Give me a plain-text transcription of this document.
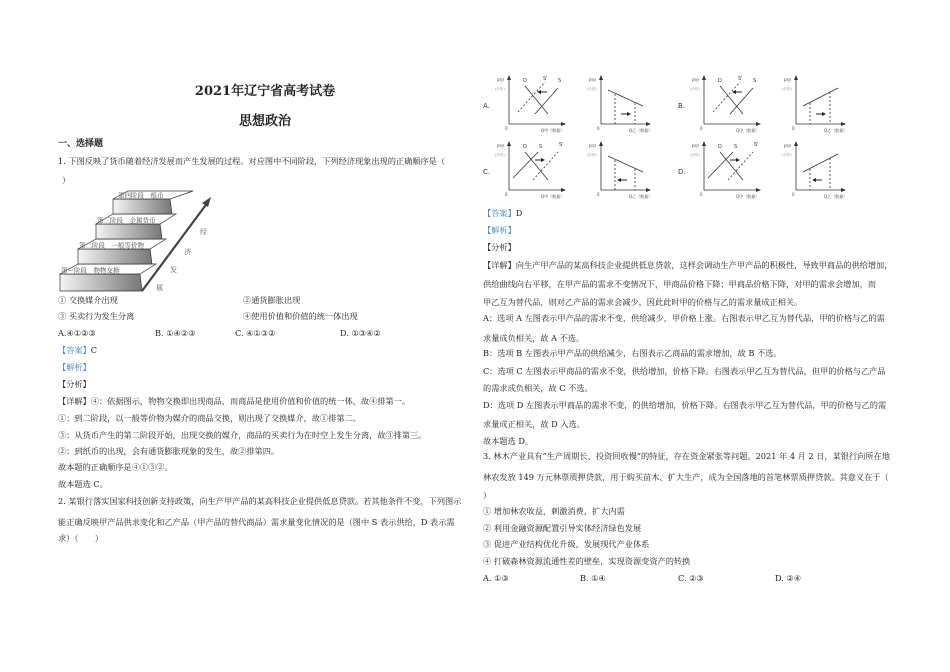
2021年辽宁省高考试卷
思想政治
一、选择题
1. 下图反映了货币随着经济发展而产生发展的过程。对应图中不同阶段，下列经济现象出现的正确顺序是（
）
第一阶段　物物交换
第二阶段　一般等价物
第三阶段　金属货币
第四阶段　纸币
经
济
发
展
① 交换媒介出现	②通货膨胀出现
③ 买卖行为发生分离	④使用价值和价值的统一体出现
A.④①②③	B. ①④②③	C. ④①③②	D. ①③④②
【答案】C
【解析】
【分析】
【详解】④：依据图示，物物交换即出现商品，而商品是使用价值和价值的统一体，故④排第一。
①：到二阶段，以一般等价物为媒介的商品交换，则出现了交换媒介，故①排第二。
③：从货币产生的第二阶段开始，出现交换的媒介，商品的买卖行为在时空上发生分离，故③排第三。
②：到纸币的出现，会有通货膨胀现象的发生，故②排第四。
故本题的正确顺序是④①③②。
故本题选 C。
2. 某银行落实国家科技创新支持政策，向生产甲产品的某高科技企业提供低息贷款。若其他条件不变，下列图示
能正确反映甲产品供求变化和乙产品（甲产品的替代商品）需求量变化情况的是（图中 S 表示供给，D 表示需
求）（　　）
A.
P甲	P甲
(价格)	(价格)
0	0
Q甲（数量）	Q乙（数量）
D	S
S'
B.
P甲	P甲
(价格)	(价格)
0	0
Q甲（数量）	Q乙（数量）
D	S
S'
C.
P甲	P甲
(价格)	(价格)
0	0
Q甲（数量）	Q乙（数量）
D S	S'
D.
P甲	P甲
(价格)	(价格)
0	0
Q甲（数量）	Q乙（数量）
D S	S'
【答案】D
【解析】
【分析】
【详解】向生产甲产品的某高科技企业提供低息贷款，这样会调动生产甲产品的积极性，导致甲商品的供给增加，
供给曲线向右平移，在甲产品的需求不变情况下，甲商品价格下降；甲商品价格下降，对甲的需求会增加，而
甲乙互为替代品，则对乙产品的需求会减少，因此此时甲的价格与乙的需求量成正相关。
A：选项 A 左图表示甲产品的需求不变，供给减少，甲价格上涨。右图表示甲乙互为替代品，甲的价格与乙的需
求量成负相关，故 A 不选。
B：选项 B 左图表示甲产品的供给减少，右图表示乙商品的需求增加，故 B 不选。
C：选项 C 左图表示甲商品的需求不变，供给增加，价格下降。右图表示甲乙互为替代品，但甲的价格与乙产品
的需求成负相关，故 C 不选。
D：选项 D 左图表示甲商品的需求不变，的供给增加，价格下降。右图表示甲乙互为替代品，甲的价格与乙的需
求量成正相关，故 D 入选。
故本题选 D。
3. 林木产业具有“生产周期长、投资回收慢”的特征，存在资金紧张等问题。2021 年 4 月 2 日，某银行向所在地
林农发放 149 万元林票质押贷款，用于购买苗木、扩大生产，成为全国落地的首笔林票质押贷款。其意义在于（
）
① 增加林农收益，刺激消费，扩大内需
② 利用金融资源配置引导实体经济绿色发展
③ 促进产业结构优化升级，发展现代产业体系
④ 打破森林资源流通性差的壁垒，实现资源变资产的转换
A. ①③	B. ①④	C. ②③	D. ②④
